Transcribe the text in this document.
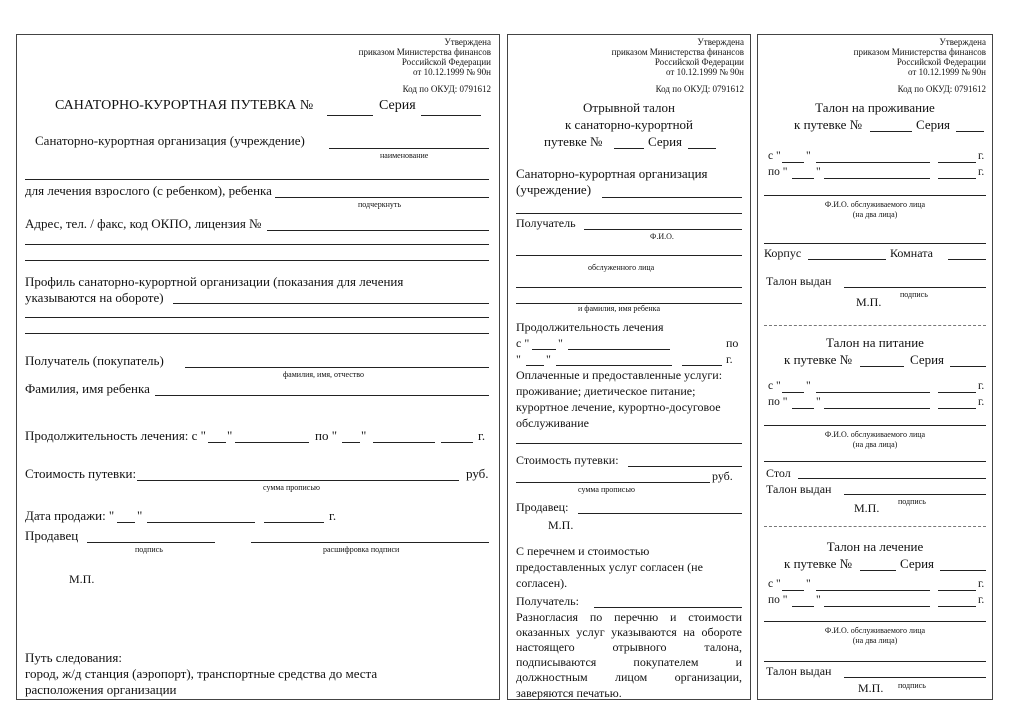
Утверждена
приказом Министерства финансов
Российской Федерации
от 10.12.1999 № 90н
Код по ОКУД: 0791612
САНАТОРНО-КУРОРТНАЯ ПУТЕВКА №	Серия
Санаторно-курортная организация (учреждение)
наименование
для лечения взрослого (с ребенком), ребенка
подчеркнуть
Адрес, тел. / факс, код ОКПО, лицензия №
Профиль санаторно-курортной организации (показания для лечения
указываются на обороте)
Получатель (покупатель)
фамилия, имя, отчество
Фамилия, имя ребенка
Продолжительность лечения: с " "	по " "	г.
Стоимость путевки:	руб.
сумма прописью
Дата продажи: " "	г.
Продавец
подпись	расшифровка подписи
М.П.
Путь следования:
город, ж/д станция (аэропорт), транспортные средства до места
расположения организации
Утверждена
приказом Министерства финансов
Российской Федерации
от 10.12.1999 № 90н
Код по ОКУД: 0791612
Отрывной талон
к санаторно-курортной
путевке №	Серия
Санаторно-курортная организация
(учреждение)
Получатель
Ф.И.О.
обслуженного лица
и фамилия, имя ребенка
Продолжительность лечения
с " "	по
" "	г.
Оплаченные и предоставленные услуги:
проживание; диетическое питание;
курортное лечение, курортно-досуговое
обслуживание
Стоимость путевки:
руб.
сумма прописью
Продавец:
М.П.
С перечнем и стоимостью
предоставленных услуг согласен (не
согласен).
Получатель:
Разногласия по перечню и стоимости
оказанных услуг указываются на обороте
настоящего отрывного талона,
подписываются покупателем и
должностным лицом организации,
заверяются печатью.
Утверждена
приказом Министерства финансов
Российской Федерации
от 10.12.1999 № 90н
Код по ОКУД: 0791612
Талон на проживание
к путевке №	Серия
с " "	г.
по " "	г.
Ф.И.О. обслуживаемого лица
(на два лица)
Корпус	Комната
Талон выдан
М.П.
подпись
Талон на питание
к путевке №	Серия
с " "	г.
по " "	г.
Ф.И.О. обслуживаемого лица
(на два лица)
Стол
Талон выдан
М.П. подпись
Талон на лечение
к путевке №	Серия
с " "	г.
по " "	г.
Ф.И.О. обслуживаемого лица
(на два лица)
Талон выдан
М.П. подпись
